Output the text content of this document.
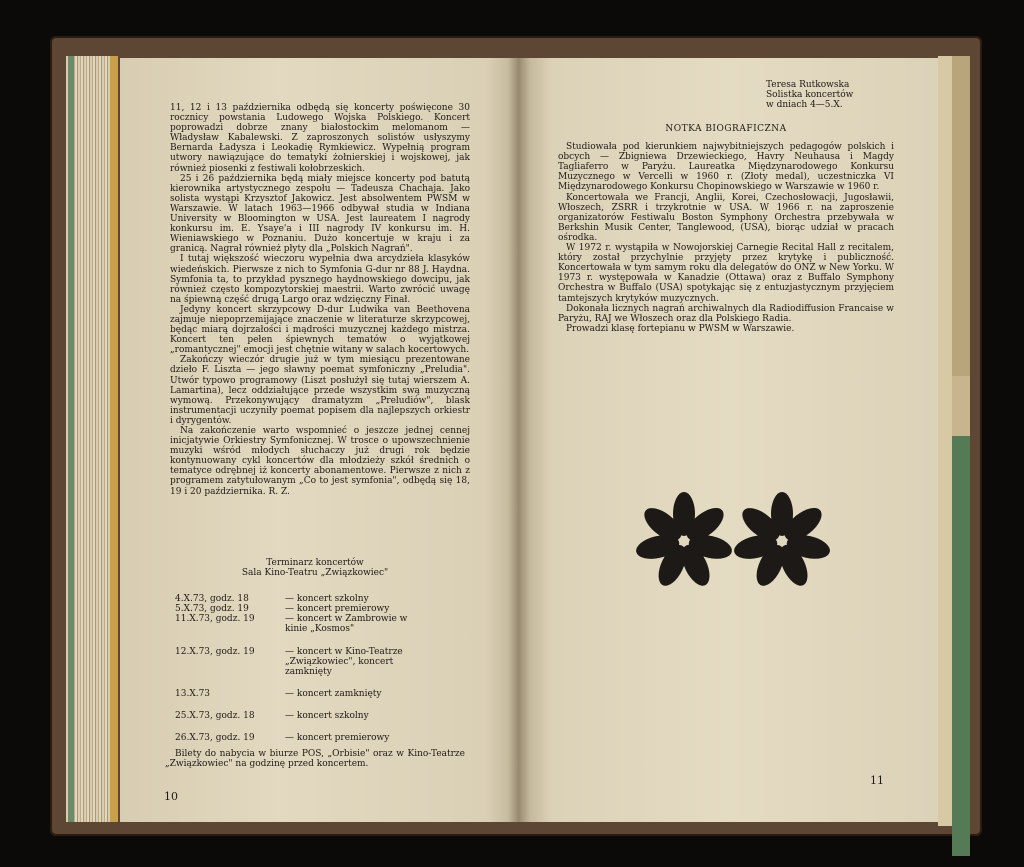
11, 12 i 13 października odbędą się koncerty poświęcone 30 rocznicy powstania Ludowego Wojska Polskiego. Koncert poprowadzi dobrze znany białostockim melomanom — Władysław Kabalewski. Z zaproszonych solistów usłyszymy Bernarda Ładysza i Leokadię Rymkiewicz. Wypełnią program utwory nawiązujące do tematyki żołnierskiej i wojskowej, jak również piosenki z festiwali kołobrzeskich.

25 i 26 października będą miały miejsce koncerty pod batutą kierownika artystycznego zespołu — Tadeusza Chachaja. Jako solista wystąpi Krzysztof Jakowicz. Jest absolwentem PWSM w Warszawie. W latach 1963—1966 odbywał studia w Indiana University w Bloomington w USA. Jest laureatem I nagrody konkursu im. E. Ysaye'a i III nagrody IV konkursu im. H. Wieniawskiego w Poznaniu. Dużo koncertuje w kraju i za granicą. Nagrał również płyty dla „Polskich Nagrań".

I tutaj większość wieczoru wypełnia dwa arcydzieła klasyków wiedeńskich. Pierwsze z nich to Symfonia G-dur nr 88 J. Haydna. Symfonia ta, to przykład pysznego haydnowskiego dowcipu, jak również często kompozytorskiej maestrii. Warto zwrócić uwagę na śpiewną część drugą Largo oraz wdzięczny Finał.

Jedyny koncert skrzypcowy D-dur Ludwika van Beethovena zajmuje niepoprzemijające znaczenie w literaturze skrzypcowej, będąc miarą dojrzałości i mądrości muzycznej każdego mistrza. Koncert ten pełen śpiewnych tematów o wyjątkowej „romantycznej" emocji jest chętnie witany w salach kocertowych.

Zakończy wieczór drugie już w tym miesiącu prezentowane dzieło F. Liszta — jego sławny poemat symfoniczny „Preludia". Utwór typowo programowy (Liszt posłużył się tutaj wierszem A. Lamartina), lecz oddziałujące przede wszystkim swą muzyczną wymową. Przekonywujący dramatyzm „Preludiów", blask instrumentacji uczyniły poemat popisem dla najlepszych orkiestr i dyrygentów.

Na zakończenie warto wspomnieć o jeszcze jednej cennej inicjatywie Orkiestry Symfonicznej. W trosce o upowszechnienie muzyki wśród młodych słuchaczy już drugi rok będzie kontynuowany cykl koncertów dla młodzieży szkół średnich o tematyce odrębnej iż koncerty abonamentowe. Pierwsze z nich z programem zatytułowanym „Co to jest symfonia", odbędą się 18, 19 i 20 października. R. Z.

Terminarz koncertów
Sala Kino-Teatru „Związkowiec"
4.X.73, godz. 18	— koncert szkolny
5.X.73, godz. 19	— koncert premierowy
11.X.73, godz. 19	— koncert w Zambrowie w kinie „Kosmos"
12.X.73, godz. 19	— koncert w Kino-Teatrze „Związkowiec", koncert zamknięty
13.X.73	— koncert zamknięty
25.X.73, godz. 18	— koncert szkolny
26.X.73, godz. 19	— koncert premierowy

Bilety do nabycia w biurze POS, „Orbisie" oraz w Kino-Teatrze „Związkowiec" na godzinę przed koncertem.

10
Teresa Rutkowska
Solistka koncertów
w dniach 4—5.X.
NOTKA BIOGRAFICZNA

Studiowała pod kierunkiem najwybitniejszych pedagogów polskich i obcych — Zbigniewa Drzewieckiego, Havry Neuhausa i Magdy Tagliaferro w Paryżu. Laureatka Międzynarodowego Konkursu Muzycznego w Vercelli w 1960 r. (Złoty medal), uczestniczka VI Międzynarodowego Konkursu Chopinowskiego w Warszawie w 1960 r.

Koncertowała we Francji, Anglii, Korei, Czechosłowacji, Jugosławii, Włoszech, ZSRR i trzykrotnie w USA. W 1966 r. na zaproszenie organizatorów Festiwalu Boston Symphony Orchestra przebywała w Berkshin Musik Center, Tanglewood, (USA), biorąc udział w pracach ośrodka.

W 1972 r. wystąpiła w Nowojorskiej Carnegie Recital Hall z recitalem, który został przychylnie przyjęty przez krytykę i publiczność. Koncertowała w tym samym roku dla delegatów do ONZ w New Yorku. W 1973 r. występowała w Kanadzie (Ottawa) oraz z Buffalo Symphony Orchestra w Buffalo (USA) spotykając się z entuzjastycznym przyjęciem tamtejszych krytyków muzycznych.

Dokonała licznych nagrań archiwalnych dla Radiodiffusion Francaise w Paryżu, RAJ we Włoszech oraz dla Polskiego Radia.

Prowadzi klasę fortepianu w PWSM w Warszawie.

11
